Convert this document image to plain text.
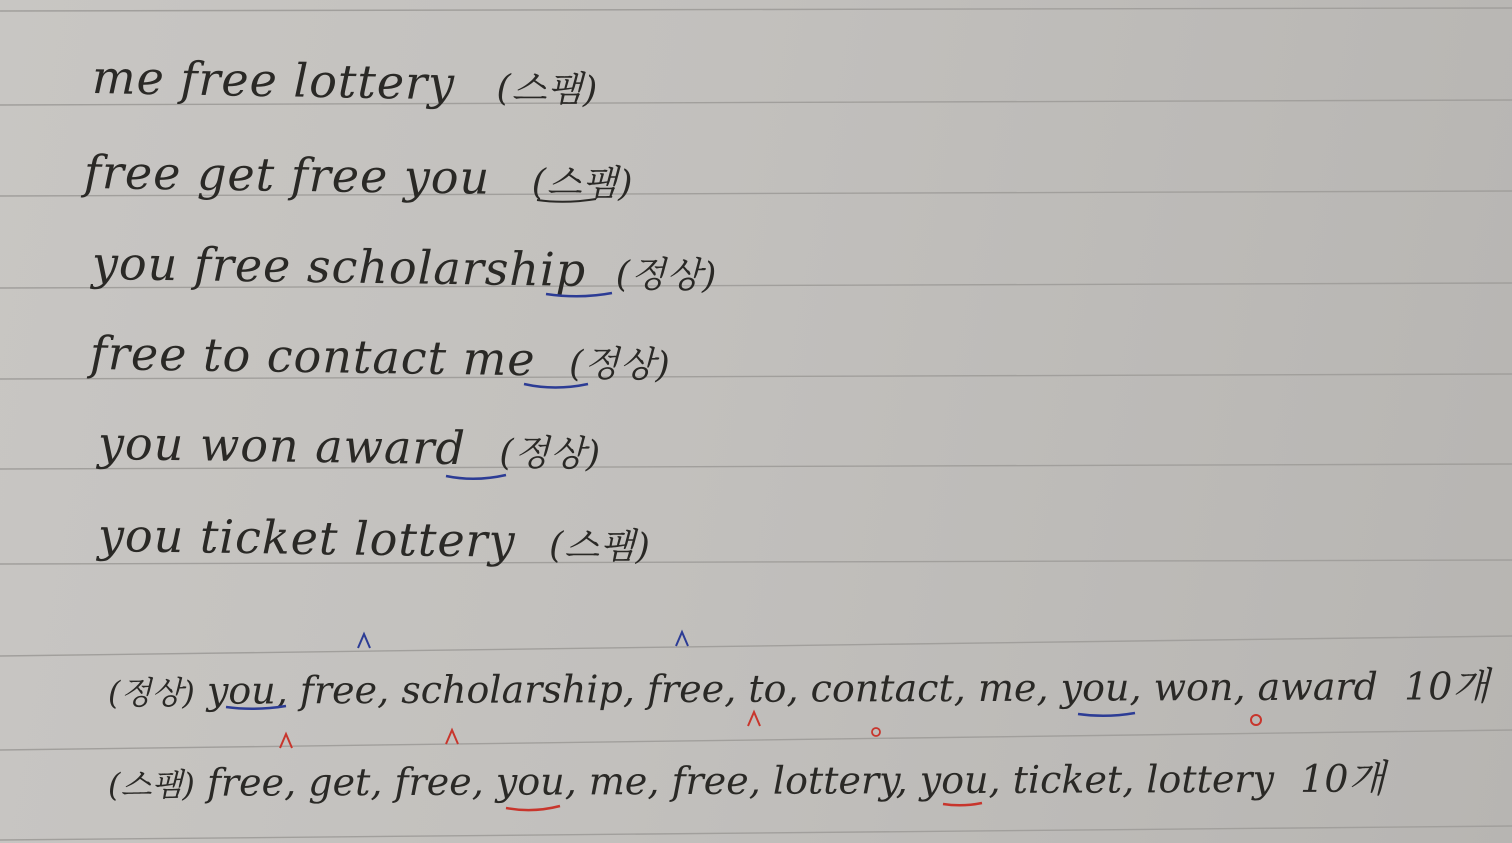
me free lottery (스팸)
free get free you (스팸)
you free scholarship (정상)
free to contact me (정상)
you won award (정상)
you ticket lottery (스팸)
(정상) you, free, scholarship, free, to, contact, me, you, won, award 10개
(스팸) free, get, free, you, me, free, lottery, you, ticket, lottery 10개
